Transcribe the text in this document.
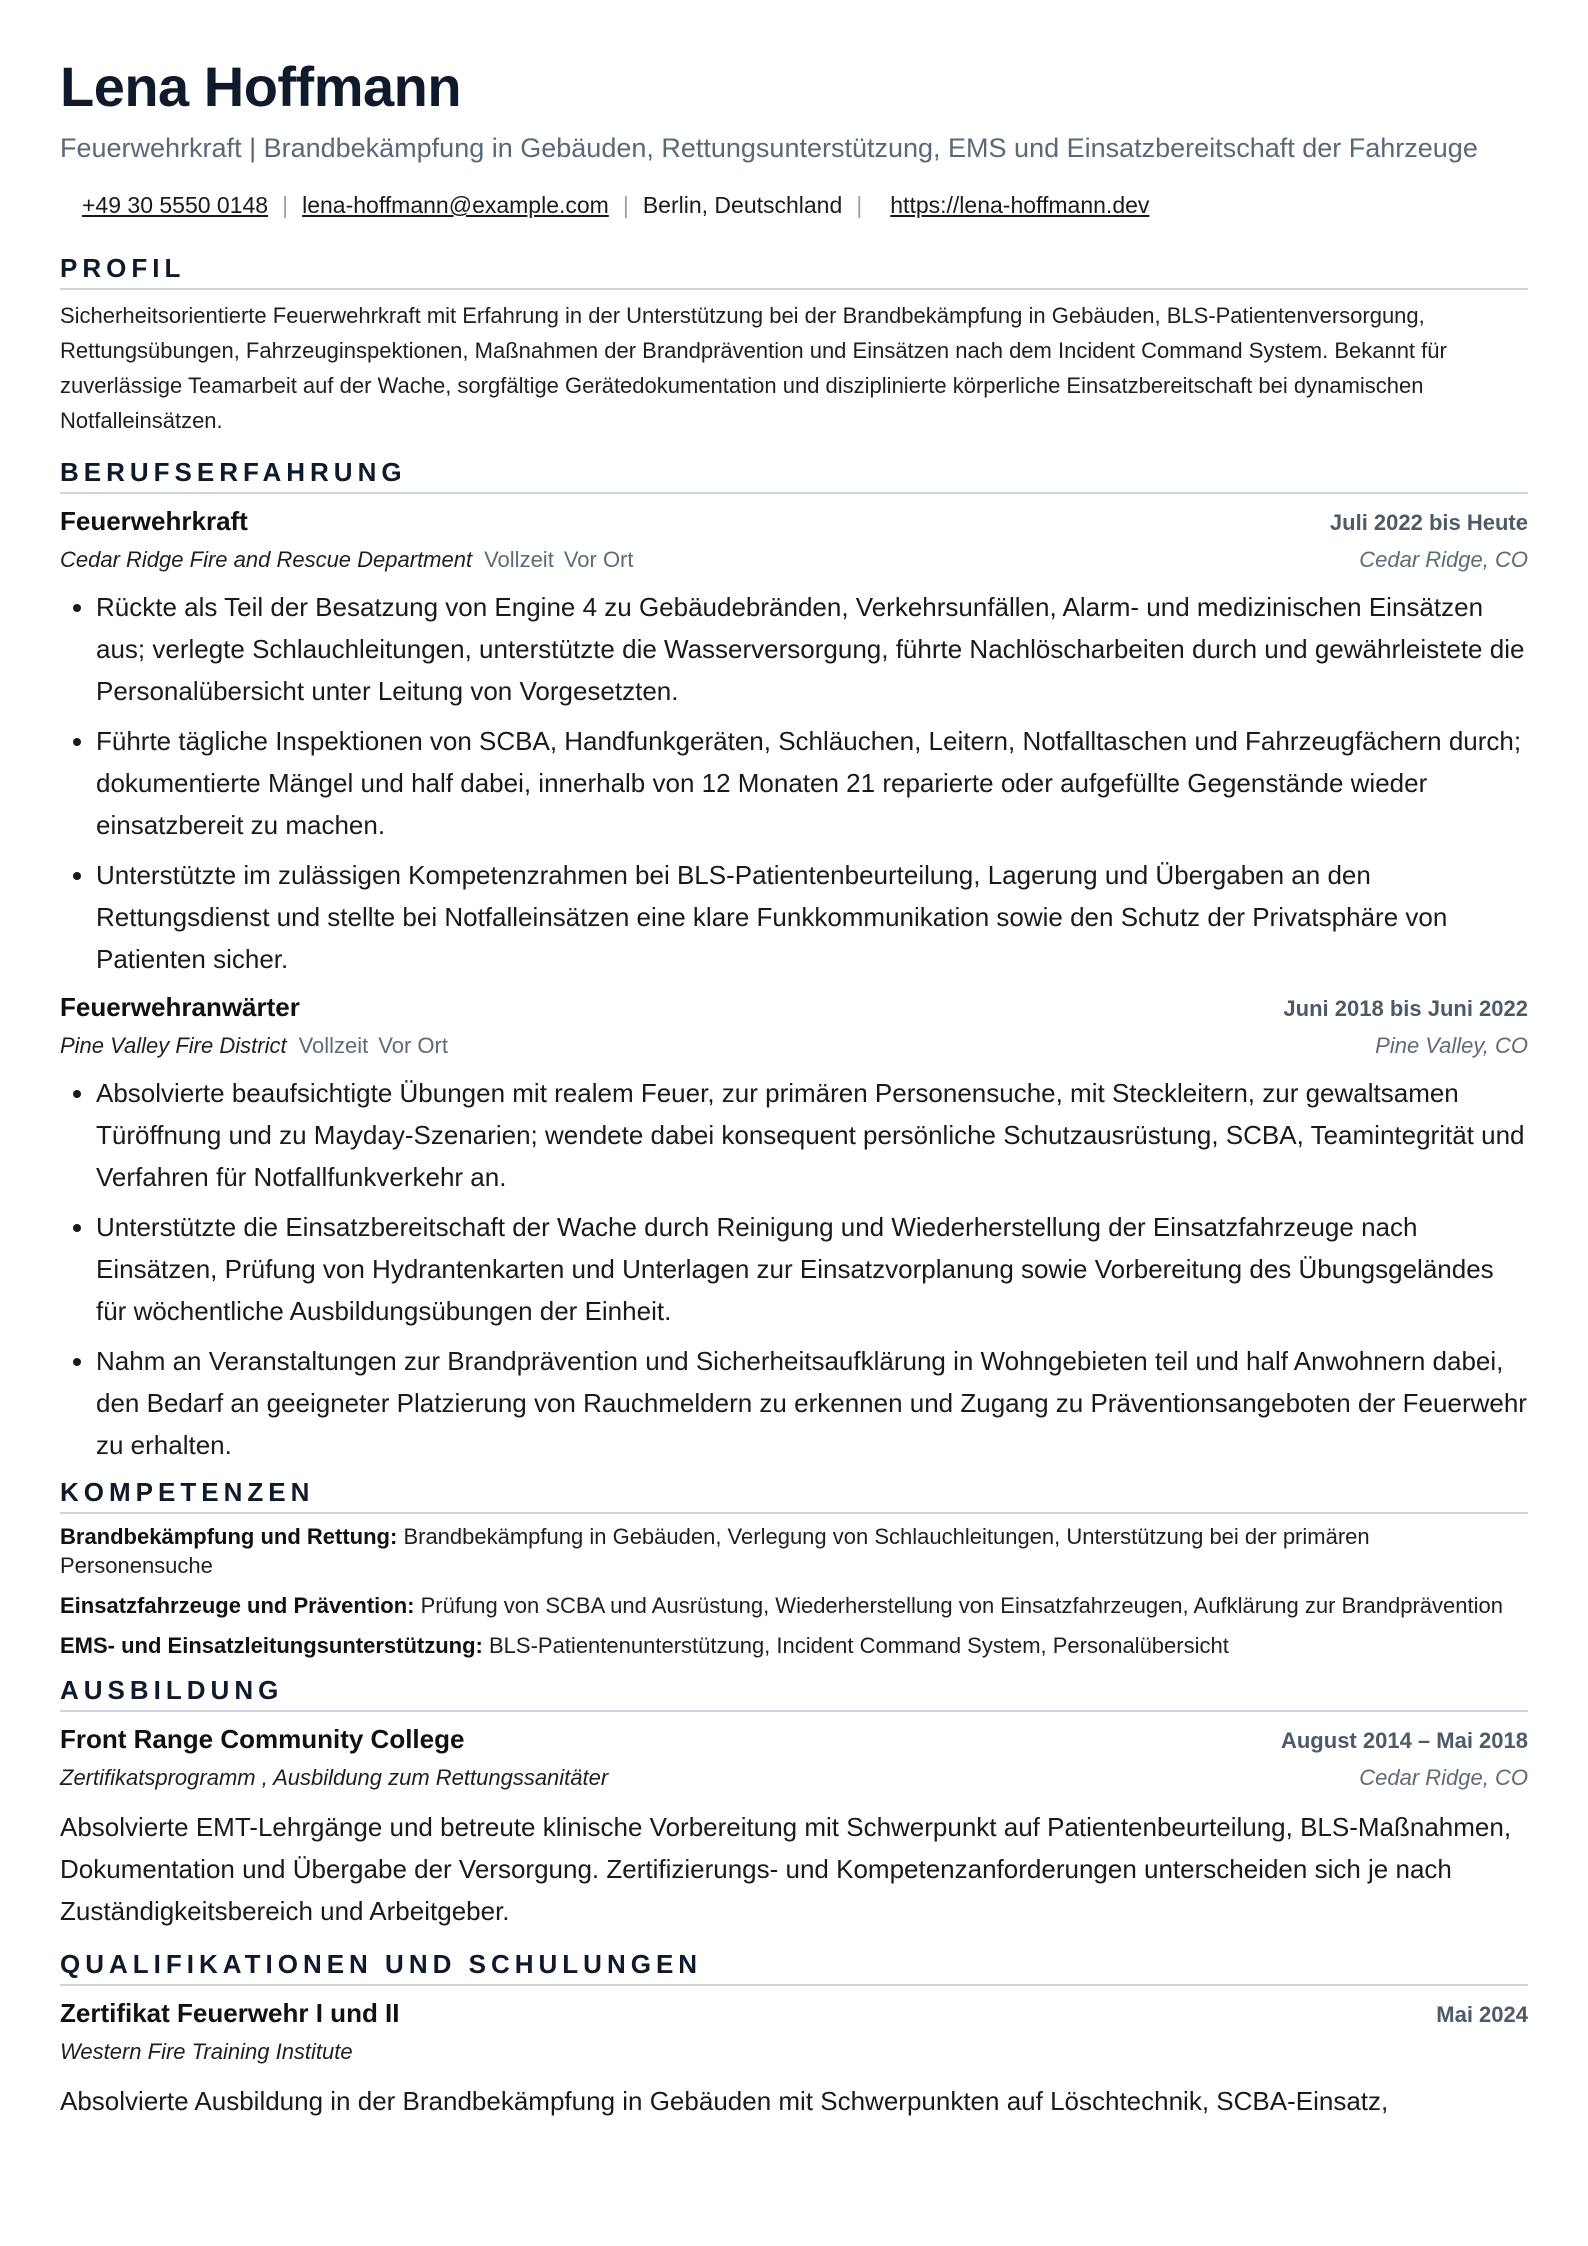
Lena Hoffmann
Feuerwehrkraft | Brandbekämpfung in Gebäuden, Rettungsunterstützung, EMS und Einsatzbereitschaft der Fahrzeuge
+49 30 5550 0148 | lena-hoffmann@example.com | Berlin, Deutschland | https://lena-hoffmann.dev
PROFIL
Sicherheitsorientierte Feuerwehrkraft mit Erfahrung in der Unterstützung bei der Brandbekämpfung in Gebäuden, BLS-Patientenversorgung, Rettungsübungen, Fahrzeuginspektionen, Maßnahmen der Brandprävention und Einsätzen nach dem Incident Command System. Bekannt für zuverlässige Teamarbeit auf der Wache, sorgfältige Gerätedokumentation und disziplinierte körperliche Einsatzbereitschaft bei dynamischen Notfalleinsätzen.
BERUFSERFAHRUNG
Feuerwehrkraft	Juli 2022 bis Heute
Cedar Ridge Fire and Rescue Department Vollzeit Vor Ort	Cedar Ridge, CO
• Rückte als Teil der Besatzung von Engine 4 zu Gebäudebränden, Verkehrsunfällen, Alarm- und medizinischen Einsätzen aus; verlegte Schlauchleitungen, unterstützte die Wasserversorgung, führte Nachlöscharbeiten durch und gewährleistete die Personalübersicht unter Leitung von Vorgesetzten.
• Führte tägliche Inspektionen von SCBA, Handfunkgeräten, Schläuchen, Leitern, Notfalltaschen und Fahrzeugfächern durch; dokumentierte Mängel und half dabei, innerhalb von 12 Monaten 21 reparierte oder aufgefüllte Gegenstände wieder einsatzbereit zu machen.
• Unterstützte im zulässigen Kompetenzrahmen bei BLS-Patientenbeurteilung, Lagerung und Übergaben an den Rettungsdienst und stellte bei Notfalleinsätzen eine klare Funkkommunikation sowie den Schutz der Privatsphäre von Patienten sicher.
Feuerwehranwärter	Juni 2018 bis Juni 2022
Pine Valley Fire District Vollzeit Vor Ort	Pine Valley, CO
• Absolvierte beaufsichtigte Übungen mit realem Feuer, zur primären Personensuche, mit Steckleitern, zur gewaltsamen Türöffnung und zu Mayday-Szenarien; wendete dabei konsequent persönliche Schutzausrüstung, SCBA, Teamintegrität und Verfahren für Notfallfunkverkehr an.
• Unterstützte die Einsatzbereitschaft der Wache durch Reinigung und Wiederherstellung der Einsatzfahrzeuge nach Einsätzen, Prüfung von Hydrantenkarten und Unterlagen zur Einsatzvorplanung sowie Vorbereitung des Übungsgeländes für wöchentliche Ausbildungsübungen der Einheit.
• Nahm an Veranstaltungen zur Brandprävention und Sicherheitsaufklärung in Wohngebieten teil und half Anwohnern dabei, den Bedarf an geeigneter Platzierung von Rauchmeldern zu erkennen und Zugang zu Präventionsangeboten der Feuerwehr zu erhalten.
KOMPETENZEN
Brandbekämpfung und Rettung: Brandbekämpfung in Gebäuden, Verlegung von Schlauchleitungen, Unterstützung bei der primären Personensuche
Einsatzfahrzeuge und Prävention: Prüfung von SCBA und Ausrüstung, Wiederherstellung von Einsatzfahrzeugen, Aufklärung zur Brandprävention
EMS- und Einsatzleitungsunterstützung: BLS-Patientenunterstützung, Incident Command System, Personalübersicht
AUSBILDUNG
Front Range Community College	August 2014 – Mai 2018
Zertifikatsprogramm , Ausbildung zum Rettungssanitäter	Cedar Ridge, CO
Absolvierte EMT-Lehrgänge und betreute klinische Vorbereitung mit Schwerpunkt auf Patientenbeurteilung, BLS-Maßnahmen, Dokumentation und Übergabe der Versorgung. Zertifizierungs- und Kompetenzanforderungen unterscheiden sich je nach Zuständigkeitsbereich und Arbeitgeber.
QUALIFIKATIONEN UND SCHULUNGEN
Zertifikat Feuerwehr I und II	Mai 2024
Western Fire Training Institute
Absolvierte Ausbildung in der Brandbekämpfung in Gebäuden mit Schwerpunkten auf Löschtechnik, SCBA-Einsatz,
